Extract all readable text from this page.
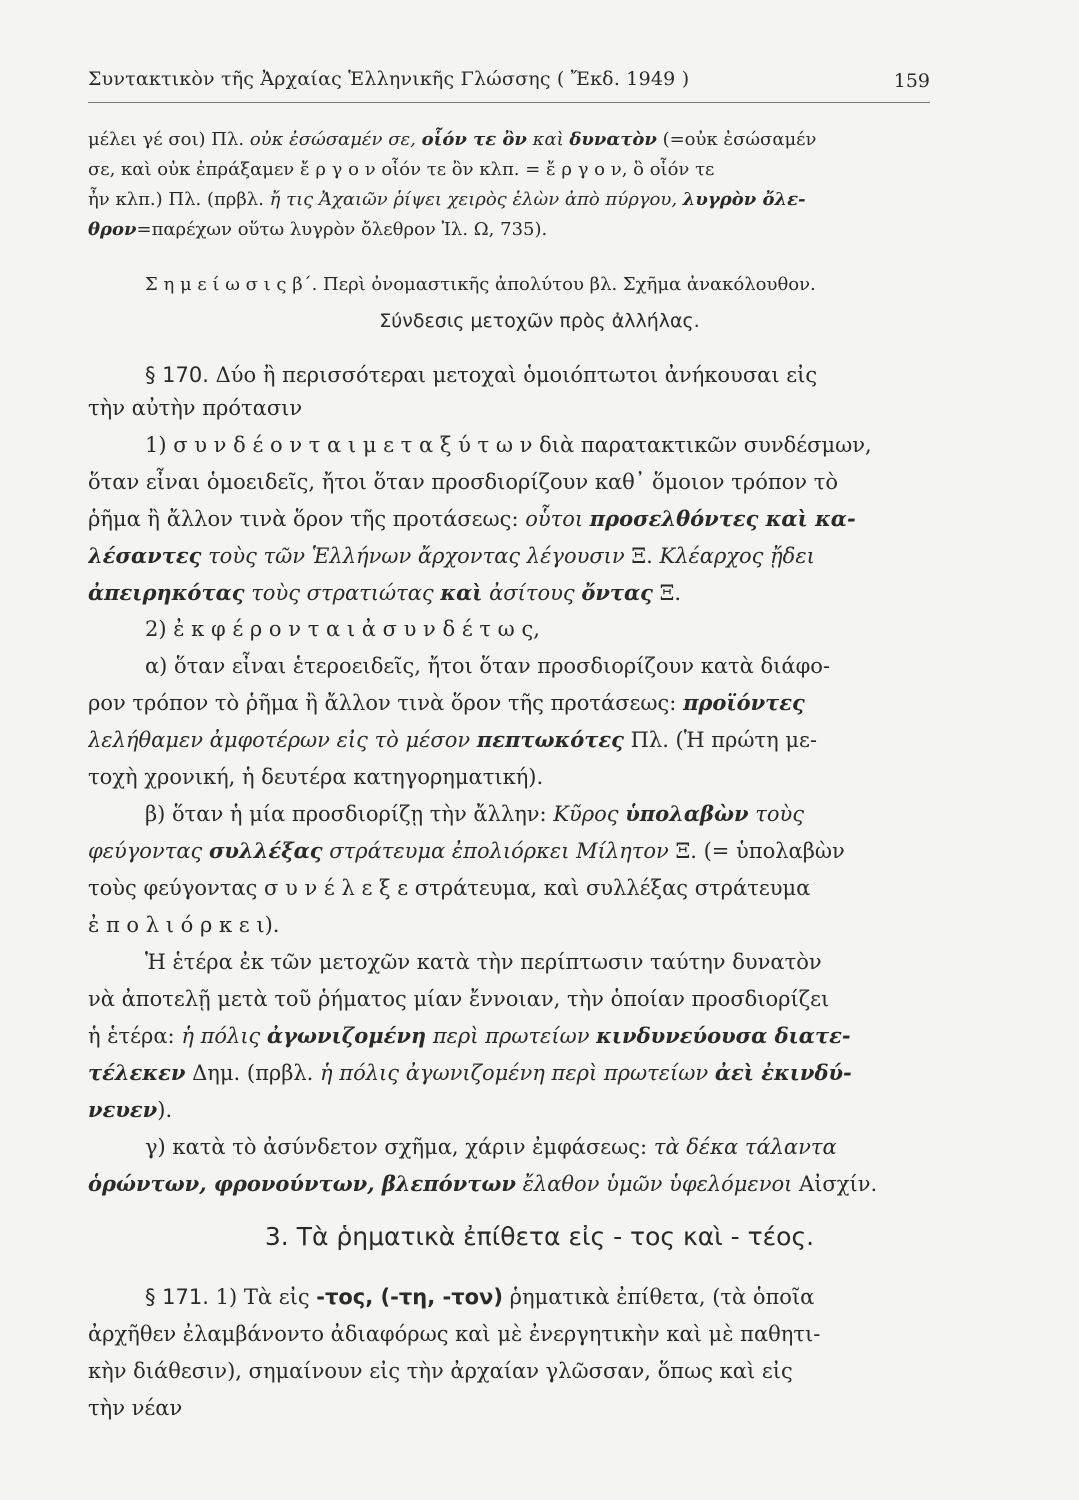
Συντακτικὸν τῆς Ἀρχαίας Ἑλληνικῆς Γλώσσης ( Ἔκδ. 1949 )	159
μέλει γέ σοι) Πλ. οὐκ ἐσώσαμέν σε, οἷόν τε ὂν καὶ δυνατὸν (=οὐκ ἐσώσαμέν
σε, καὶ οὐκ ἐπράξαμεν ἔ ρ γ ο ν οἷόν τε ὂν κλπ. = ἔ ρ γ ο ν, ὃ οἷόν τε
ἦν κλπ.) Πλ. (πρβλ. ἤ τις Ἀχαιῶν ῥίψει χειρὸς ἑλὼν ἀπὸ πύργου, λυγρὸν ὄλε-
θρον=παρέχων οὕτω λυγρὸν ὄλεθρον Ἰλ. Ω, 735).
Σ η μ ε ί ω σ ι ς β΄. Περὶ ὀνομαστικῆς ἀπολύτου βλ. Σχῆμα ἀνακόλουθον.
Σύνδεσις μετοχῶν πρὸς ἀλλήλας.
§ 170. Δύο ἢ περισσότεραι μετοχαὶ ὁμοιόπτωτοι ἀνήκουσαι εἰς
τὴν αὐτὴν πρότασιν
1) σ υ ν δ έ ο ν τ α ι μ ε τ α ξ ύ τ ω ν διὰ παρατακτικῶν συνδέσμων,
ὅταν εἶναι ὁμοειδεῖς, ἤτοι ὅταν προσδιορίζουν καθ᾽ ὅμοιον τρόπον τὸ
ῥῆμα ἢ ἄλλον τινὰ ὅρον τῆς προτάσεως: οὗτοι προσελθόντες καὶ κα-
λέσαντες τοὺς τῶν Ἑλλήνων ἄρχοντας λέγουσιν Ξ. Κλέαρχος ᾔδει
ἀπειρηκότας τοὺς στρατιώτας καὶ ἀσίτους ὄντας Ξ.
2) ἐ κ φ έ ρ ο ν τ α ι ἀ σ υ ν δ έ τ ω ς,
α) ὅταν εἶναι ἑτεροειδεῖς, ἤτοι ὅταν προσδιορίζουν κατὰ διάφο-
ρον τρόπον τὸ ῥῆμα ἢ ἄλλον τινὰ ὅρον τῆς προτάσεως: προϊόντες
λελήθαμεν ἀμφοτέρων εἰς τὸ μέσον πεπτωκότες Πλ. (Ἡ πρώτη με-
τοχὴ χρονική, ἡ δευτέρα κατηγορηματική).
β) ὅταν ἡ μία προσδιορίζῃ τὴν ἄλλην: Κῦρος ὑπολαβὼν τοὺς
φεύγοντας συλλέξας στράτευμα ἐπολιόρκει Μίλητον Ξ. (= ὑπολαβὼν
τοὺς φεύγοντας σ υ ν έ λ ε ξ ε στράτευμα, καὶ συλλέξας στράτευμα
ἐ π ο λ ι ό ρ κ ε ι).
Ἡ ἑτέρα ἐκ τῶν μετοχῶν κατὰ τὴν περίπτωσιν ταύτην δυνατὸν
νὰ ἀποτελῇ μετὰ τοῦ ῥήματος μίαν ἔννοιαν, τὴν ὁποίαν προσδιορίζει
ἡ ἑτέρα: ἡ πόλις ἀγωνιζομένη περὶ πρωτείων κινδυνεύουσα διατε-
τέλεκεν Δημ. (πρβλ. ἡ πόλις ἀγωνιζομένη περὶ πρωτείων ἀεὶ ἐκινδύ-
νευεν).
γ) κατὰ τὸ ἀσύνδετον σχῆμα, χάριν ἐμφάσεως: τὰ δέκα τάλαντα
ὁρώντων, φρονούντων, βλεπόντων ἔλαθον ὑμῶν ὑφελόμενοι Αἰσχίν.
3. Τὰ ῥηματικὰ ἐπίθετα εἰς - τος καὶ - τέος.
§ 171. 1) Τὰ εἰς -τος, (-τη, -τον) ῥηματικὰ ἐπίθετα, (τὰ ὁποῖα
ἀρχῆθεν ἐλαμβάνοντο ἀδιαφόρως καὶ μὲ ἐνεργητικὴν καὶ μὲ παθητι-
κὴν διάθεσιν), σημαίνουν εἰς τὴν ἀρχαίαν γλῶσσαν, ὅπως καὶ εἰς
τὴν νέαν
